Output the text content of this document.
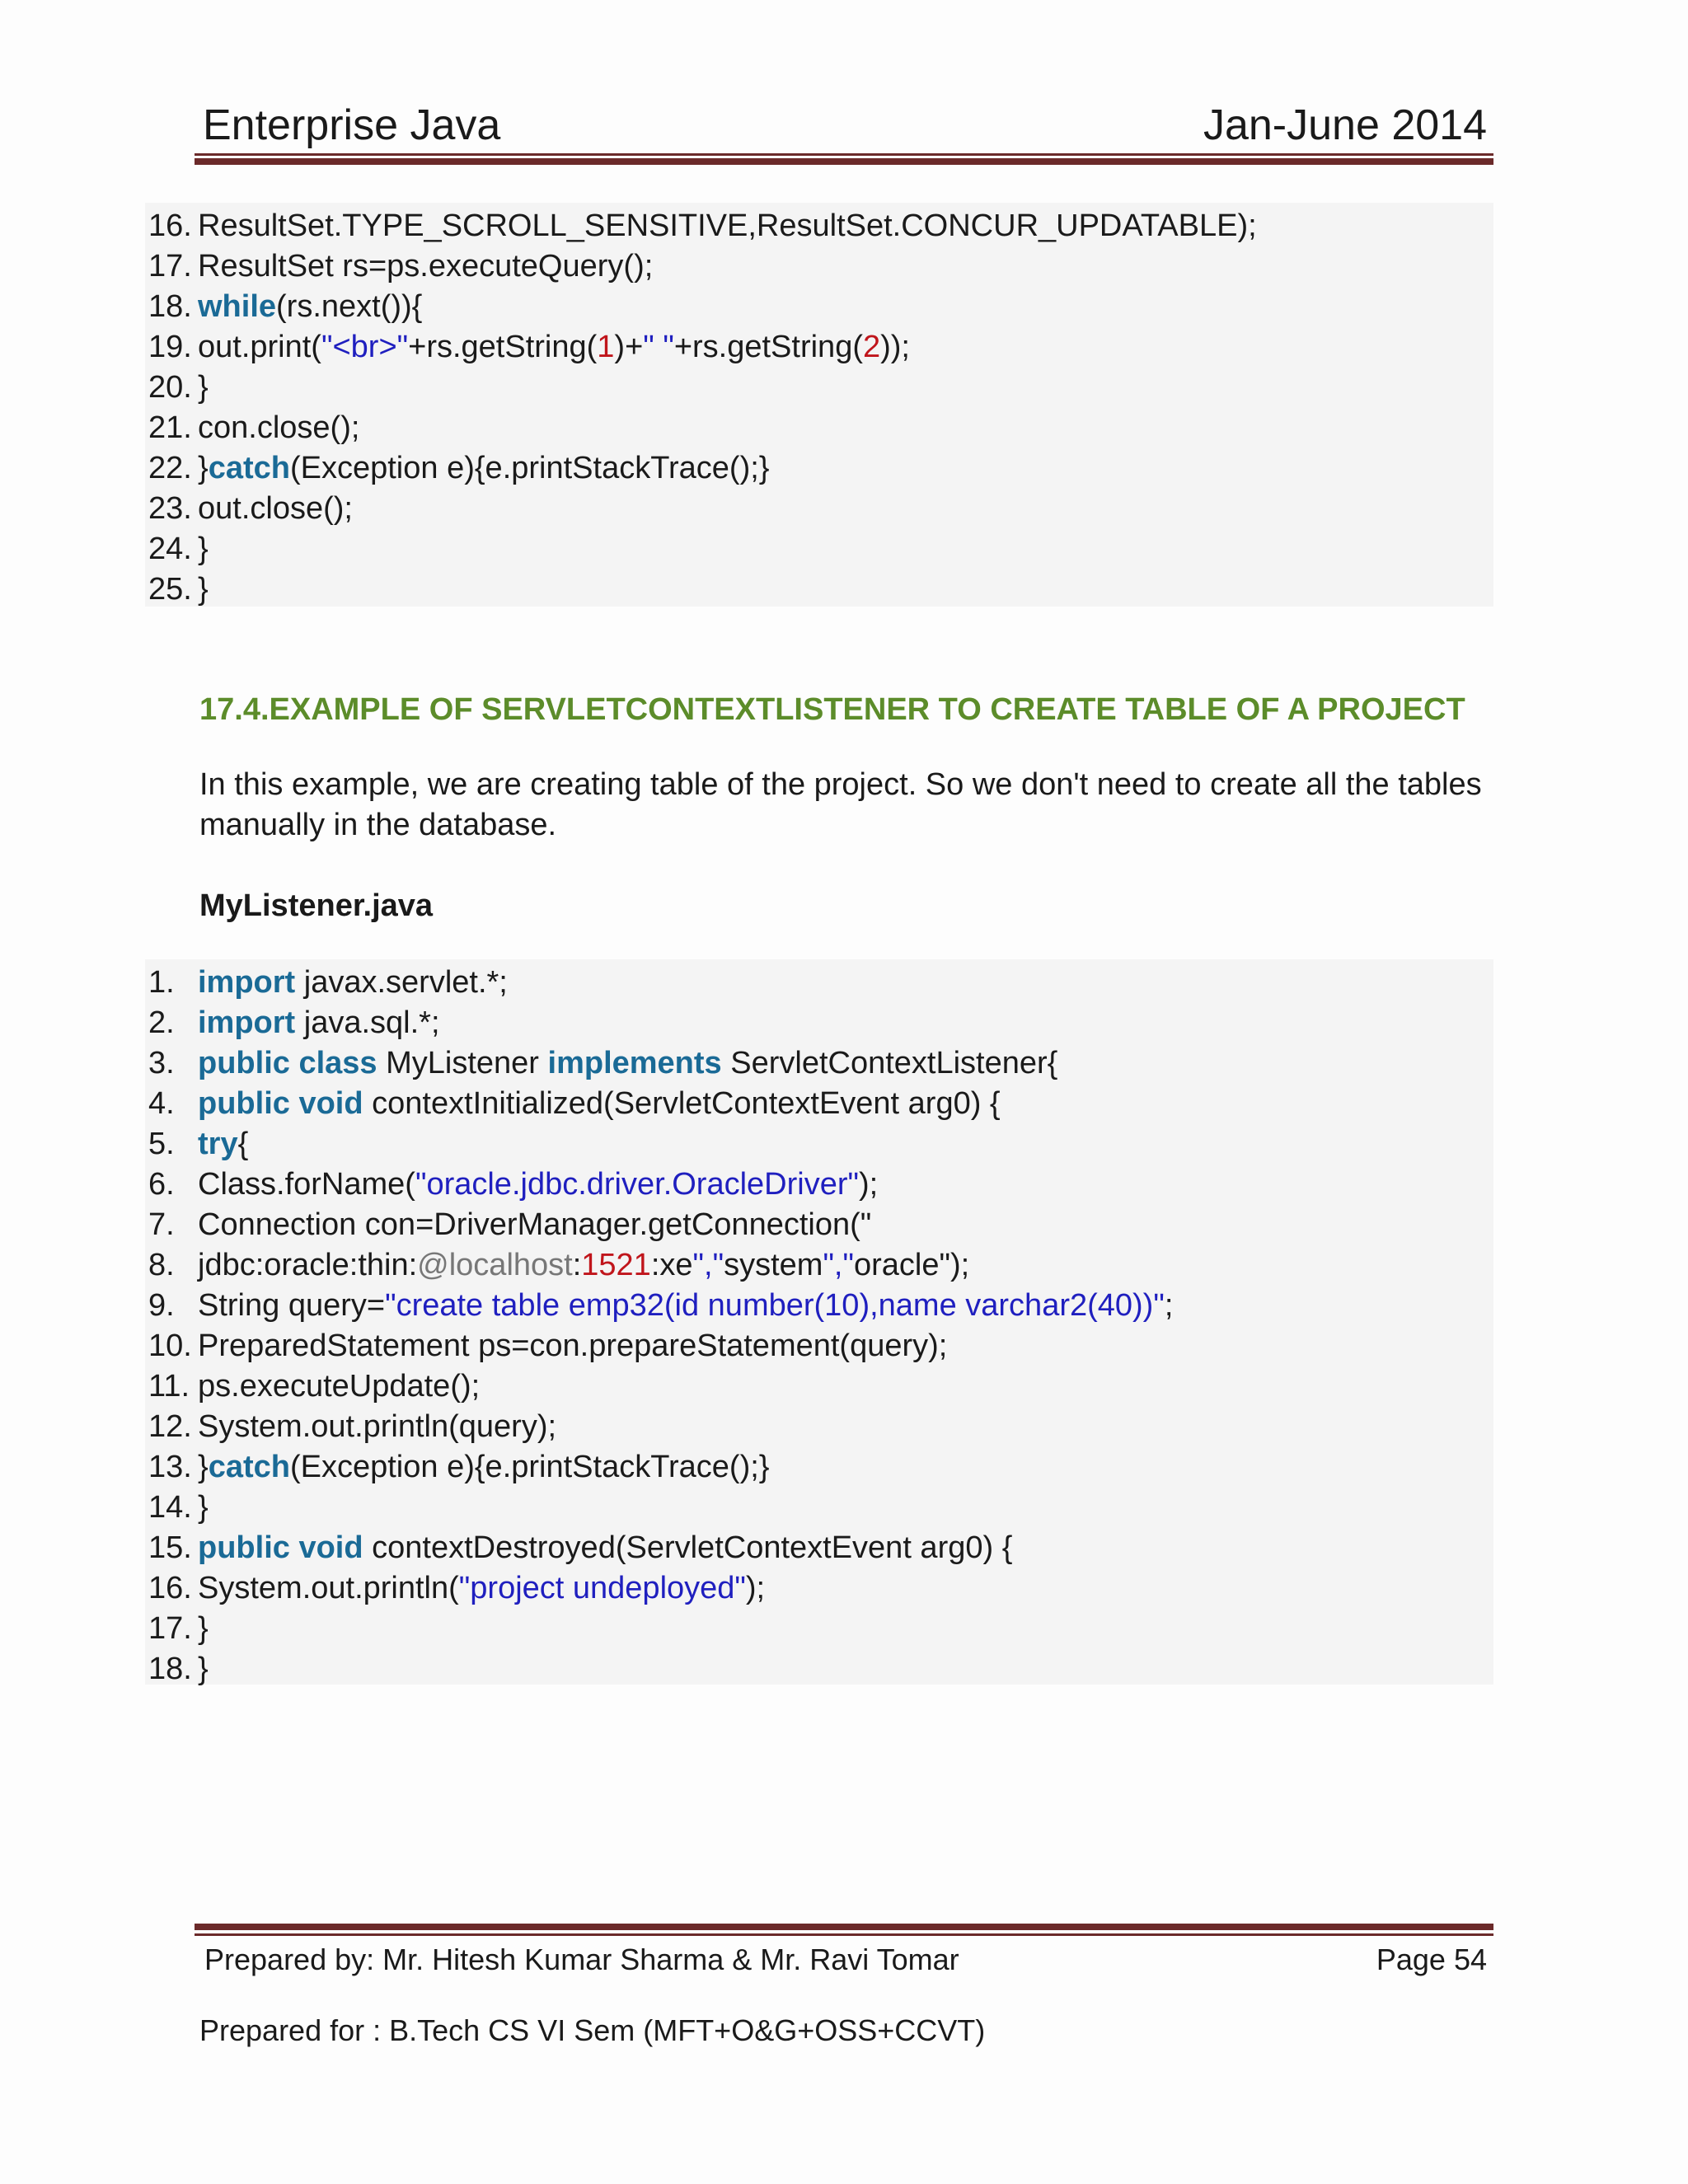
Enterprise Java	Jan-June 2014
16. ResultSet.TYPE_SCROLL_SENSITIVE,ResultSet.CONCUR_UPDATABLE);
17. ResultSet rs=ps.executeQuery();
18. while(rs.next()){
19. out.print("<br>"+rs.getString(1)+" "+rs.getString(2));
20. }
21. con.close();
22. }catch(Exception e){e.printStackTrace();}
23. out.close();
24. }
25. }
17.4.EXAMPLE OF SERVLETCONTEXTLISTENER TO CREATE TABLE OF A PROJECT
In this example, we are creating table of the project. So we don't need to create all the tables manually in the database.
MyListener.java
1. import javax.servlet.*;
2. import java.sql.*;
3. public class MyListener implements ServletContextListener{
4. public void contextInitialized(ServletContextEvent arg0) {
5. try{
6. Class.forName("oracle.jdbc.driver.OracleDriver");
7. Connection con=DriverManager.getConnection("
8. jdbc:oracle:thin:@localhost:1521:xe","system","oracle");
9. String query="create table emp32(id number(10),name varchar2(40))";
10. PreparedStatement ps=con.prepareStatement(query);
11. ps.executeUpdate();
12. System.out.println(query);
13. }catch(Exception e){e.printStackTrace();}
14. }
15. public void contextDestroyed(ServletContextEvent arg0) {
16. System.out.println("project undeployed");
17. }
18. }
Prepared by: Mr. Hitesh Kumar Sharma & Mr. Ravi Tomar	Page 54
Prepared for : B.Tech CS VI Sem (MFT+O&G+OSS+CCVT)
